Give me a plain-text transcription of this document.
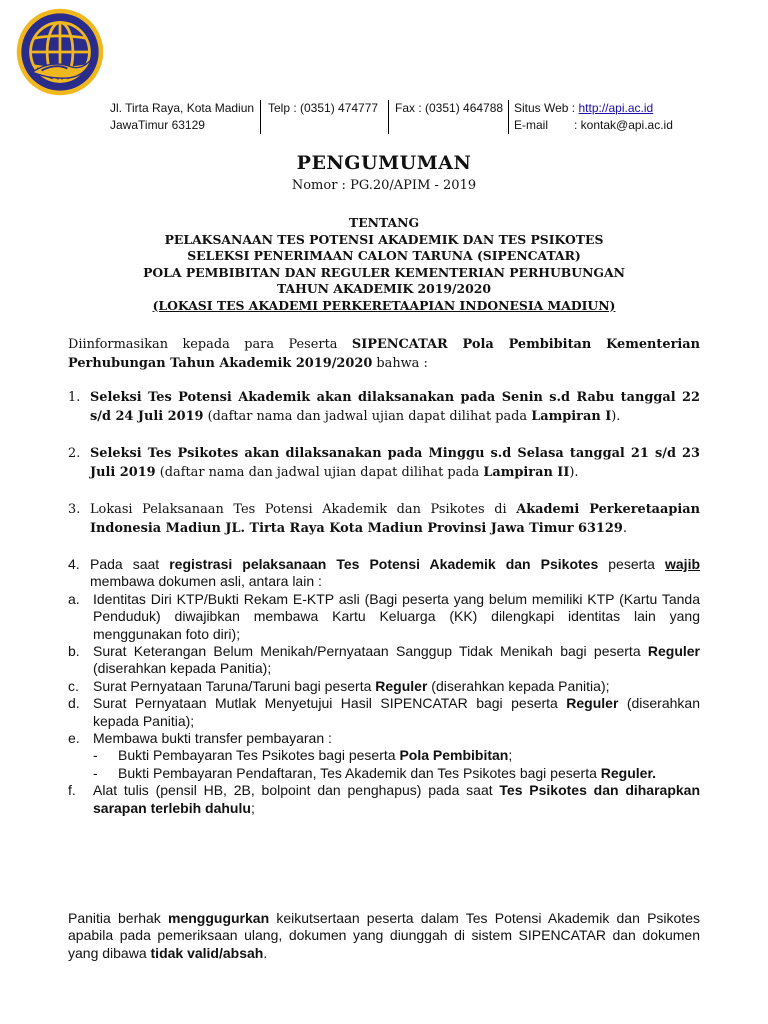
Jl. Tirta Raya, Kota Madiun
JawaTimur 63129
Telp : (0351) 474777	Fax : (0351) 464788 Situs Web :
http://api.ac.id
E-mail	: kontak@api.ac.id
PENGUMUMAN
Nomor : PG.20/APIM - 2019
TENTANG
PELAKSANAAN TES POTENSI AKADEMIK DAN TES PSIKOTES
SELEKSI PENERIMAAN CALON TARUNA (SIPENCATAR)
POLA PEMBIBITAN DAN REGULER KEMENTERIAN PERHUBUNGAN
TAHUN AKADEMIK 2019/2020
(LOKASI TES AKADEMI PERKERETAAPIAN INDONESIA MADIUN)
Diinformasikan kepada para Peserta SIPENCATAR Pola Pembibitan Kementerian Perhubungan Tahun Akademik 2019/2020 bahwa :
1. Seleksi Tes Potensi Akademik akan dilaksanakan pada Senin s.d Rabu tanggal 22 s/d 24 Juli 2019 (daftar nama dan jadwal ujian dapat dilihat pada Lampiran I).
2. Seleksi Tes Psikotes akan dilaksanakan pada Minggu s.d Selasa tanggal 21 s/d 23 Juli 2019 (daftar nama dan jadwal ujian dapat dilihat pada Lampiran II).
3. Lokasi Pelaksanaan Tes Potensi Akademik dan Psikotes di Akademi Perkeretaapian Indonesia Madiun JL. Tirta Raya Kota Madiun Provinsi Jawa Timur 63129.
4. Pada saat registrasi pelaksanaan Tes Potensi Akademik dan Psikotes peserta wajib membawa dokumen asli, antara lain :
a. Identitas Diri KTP/Bukti Rekam E-KTP asli (Bagi peserta yang belum memiliki KTP (Kartu Tanda Penduduk) diwajibkan membawa Kartu Keluarga (KK) dilengkapi identitas lain yang menggunakan foto diri);
b. Surat Keterangan Belum Menikah/Pernyataan Sanggup Tidak Menikah bagi peserta Reguler (diserahkan kepada Panitia);
c.	Surat Pernyataan Taruna/Taruni bagi peserta Reguler (diserahkan kepada Panitia);
d. Surat Pernyataan Mutlak Menyetujui Hasil SIPENCATAR bagi peserta Reguler (diserahkan kepada Panitia);
e. Membawa bukti transfer pembayaran :
-	Bukti Pembayaran Tes Psikotes bagi peserta Pola Pembibitan;
-	Bukti Pembayaran Pendaftaran, Tes Akademik dan Tes Psikotes bagi peserta Reguler.
f.	Alat tulis (pensil HB, 2B, bolpoint dan penghapus) pada saat Tes Psikotes dan diharapkan sarapan terlebih dahulu;
Panitia berhak menggugurkan keikutsertaan peserta dalam Tes Potensi Akademik dan Psikotes apabila pada pemeriksaan ulang, dokumen yang diunggah di sistem SIPENCATAR dan dokumen yang dibawa tidak valid/absah.
